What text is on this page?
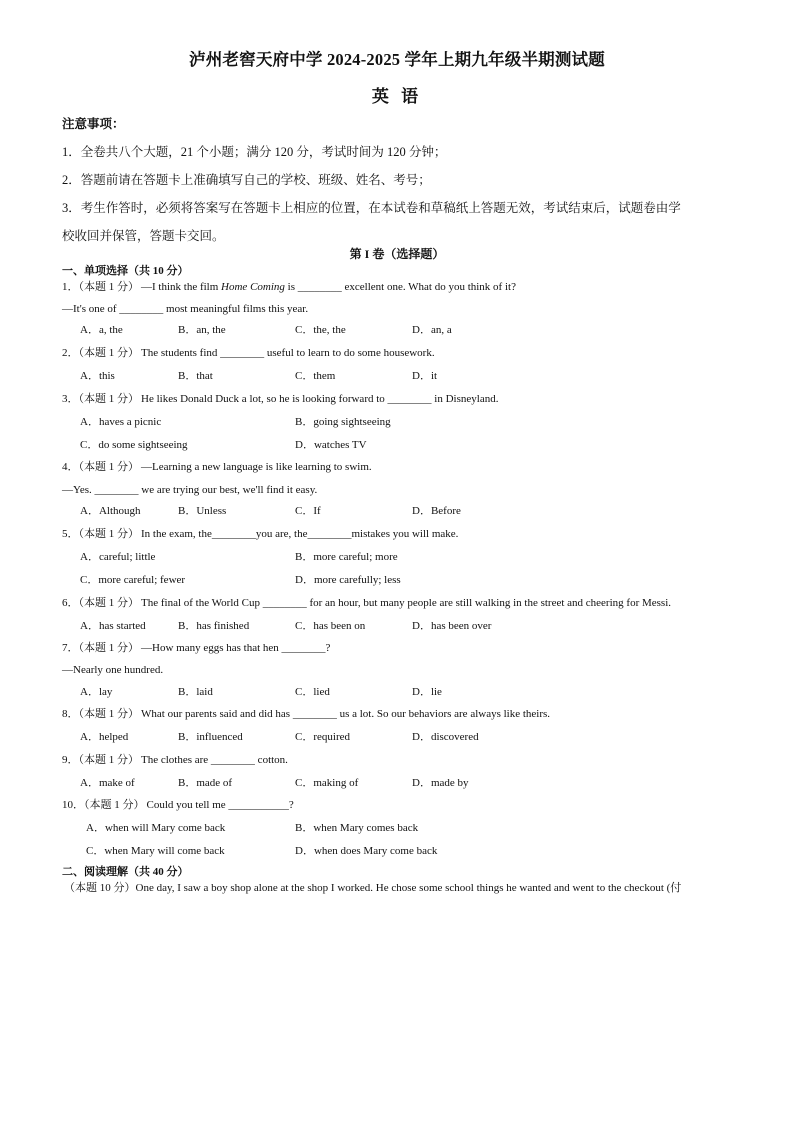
泸州老窖天府中学 2024-2025 学年上期九年级半期测试题
英 语
注意事项：
1．全卷共八个大题，21 个小题；满分 120 分，考试时间为 120 分钟；
2．答题前请在答题卡上准确填写自己的学校、班级、姓名、考号；
3．考生作答时，必须将答案写在答题卡上相应的位置，在本试卷和草稿纸上答题无效，考试结束后，试题卷由学
校收回并保管，答题卡交回。
第 I 卷（选择题）
一、单项选择（共 10 分）
1．（本题 1 分） —I think the film Home Coming is ________ excellent one. What do you think of it?
—It's one of ________ most meaningful films this year.
A．a, the	B．an, the	C．the, the	D．an, a
2．（本题 1 分） The students find ________ useful to learn to do some housework.
A．this	B．that	C．them	D．it
3．（本题 1 分） He likes Donald Duck a lot, so he is looking forward to ________ in Disneyland.
A．haves a picnic	B．going sightseeing
C．do some sightseeing	D．watches TV
4．（本题 1 分） —Learning a new language is like learning to swim.
—Yes. ________ we are trying our best, we'll find it easy.
A．Although	B．Unless	C．If	D．Before
5．（本题 1 分） In the exam, the________you are, the________mistakes you will make.
A．careful; little	B．more careful; more
C．more careful; fewer	D．more carefully; less
6．（本题 1 分） The final of the World Cup ________ for an hour, but many people are still walking in the street and cheering for Messi.
A．has started	B．has finished	C．has been on	D．has been over
7．（本题 1 分） —How many eggs has that hen ________?
—Nearly one hundred.
A．lay	B．laid	C．lied	D．lie
8．（本题 1 分） What our parents said and did has ________ us a lot. So our behaviors are always like theirs.
A．helped	B．influenced	C．required	D．discovered
9．（本题 1 分） The clothes are ________ cotton.
A．make of	B．made of	C．making of	D．made by
10．（本题 1 分） Could you tell me ___________?
A．when will Mary come back	B．when Mary comes back
C．when Mary will come back	D．when does Mary come back
二、阅读理解（共 40 分）
（本题 10 分）One day, I saw a boy shop alone at the shop I worked. He chose some school things he wanted and went to the checkout (付
